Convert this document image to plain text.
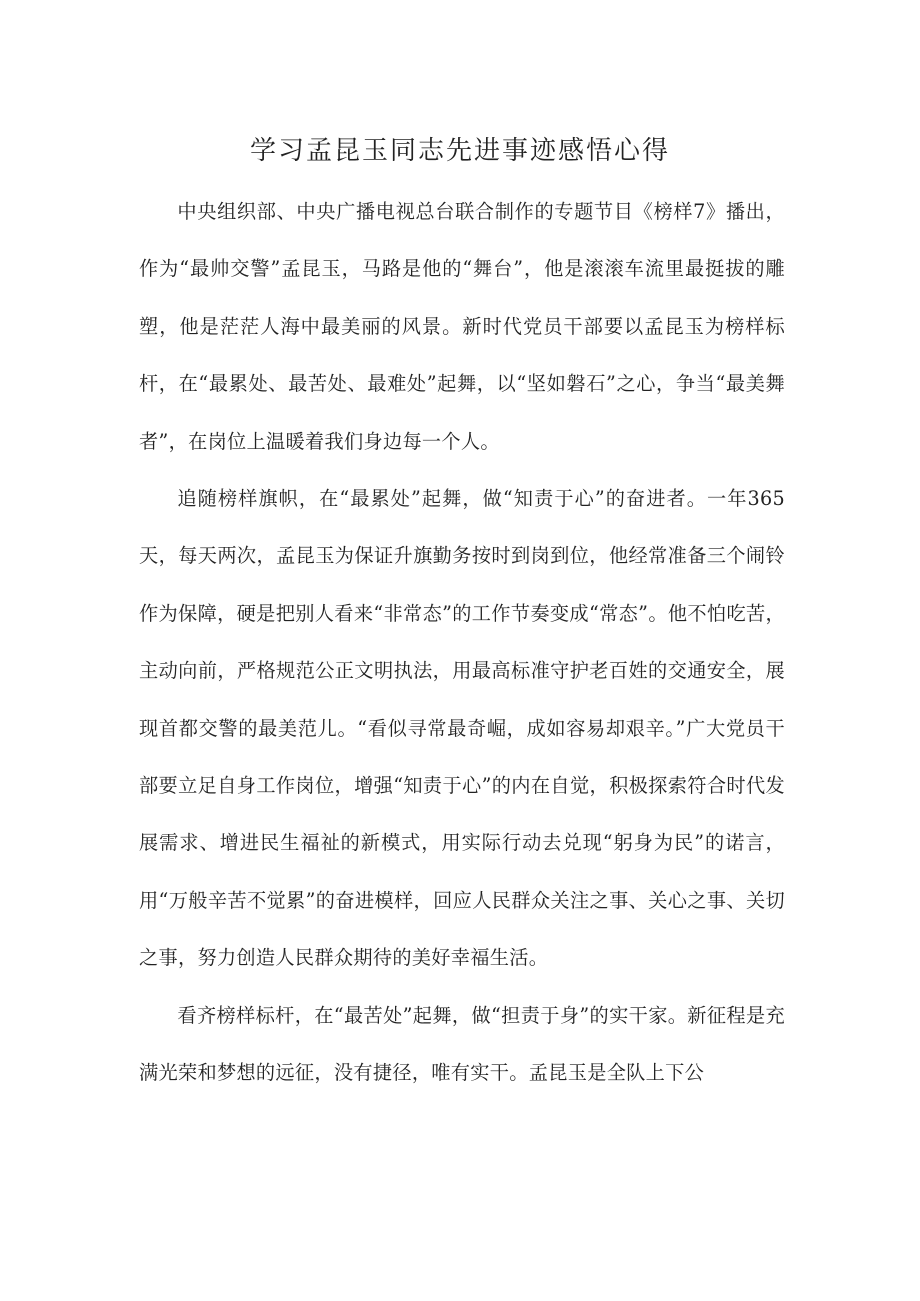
学习孟昆玉同志先进事迹感悟心得

中央组织部、中央广播电视总台联合制作的专题节目《榜样7》播出，作为“最帅交警”孟昆玉，马路是他的“舞台”，他是滚滚车流里最挺拔的雕塑，他是茫茫人海中最美丽的风景。新时代党员干部要以孟昆玉为榜样标杆，在“最累处、最苦处、最难处”起舞，以“坚如磐石”之心，争当“最美舞者”，在岗位上温暖着我们身边每一个人。

追随榜样旗帜，在“最累处”起舞，做“知责于心”的奋进者。一年365天，每天两次，孟昆玉为保证升旗勤务按时到岗到位，他经常准备三个闹铃作为保障，硬是把别人看来“非常态”的工作节奏变成“常态”。他不怕吃苦，主动向前，严格规范公正文明执法，用最高标准守护老百姓的交通安全，展现首都交警的最美范儿。“看似寻常最奇崛，成如容易却艰辛。”广大党员干部要立足自身工作岗位，增强“知责于心”的内在自觉，积极探索符合时代发展需求、增进民生福祉的新模式，用实际行动去兑现“躬身为民”的诺言，用“万般辛苦不觉累”的奋进模样，回应人民群众关注之事、关心之事、关切之事，努力创造人民群众期待的美好幸福生活。

看齐榜样标杆，在“最苦处”起舞，做“担责于身”的实干家。新征程是充满光荣和梦想的远征，没有捷径，唯有实干。孟昆玉是全队上下公
